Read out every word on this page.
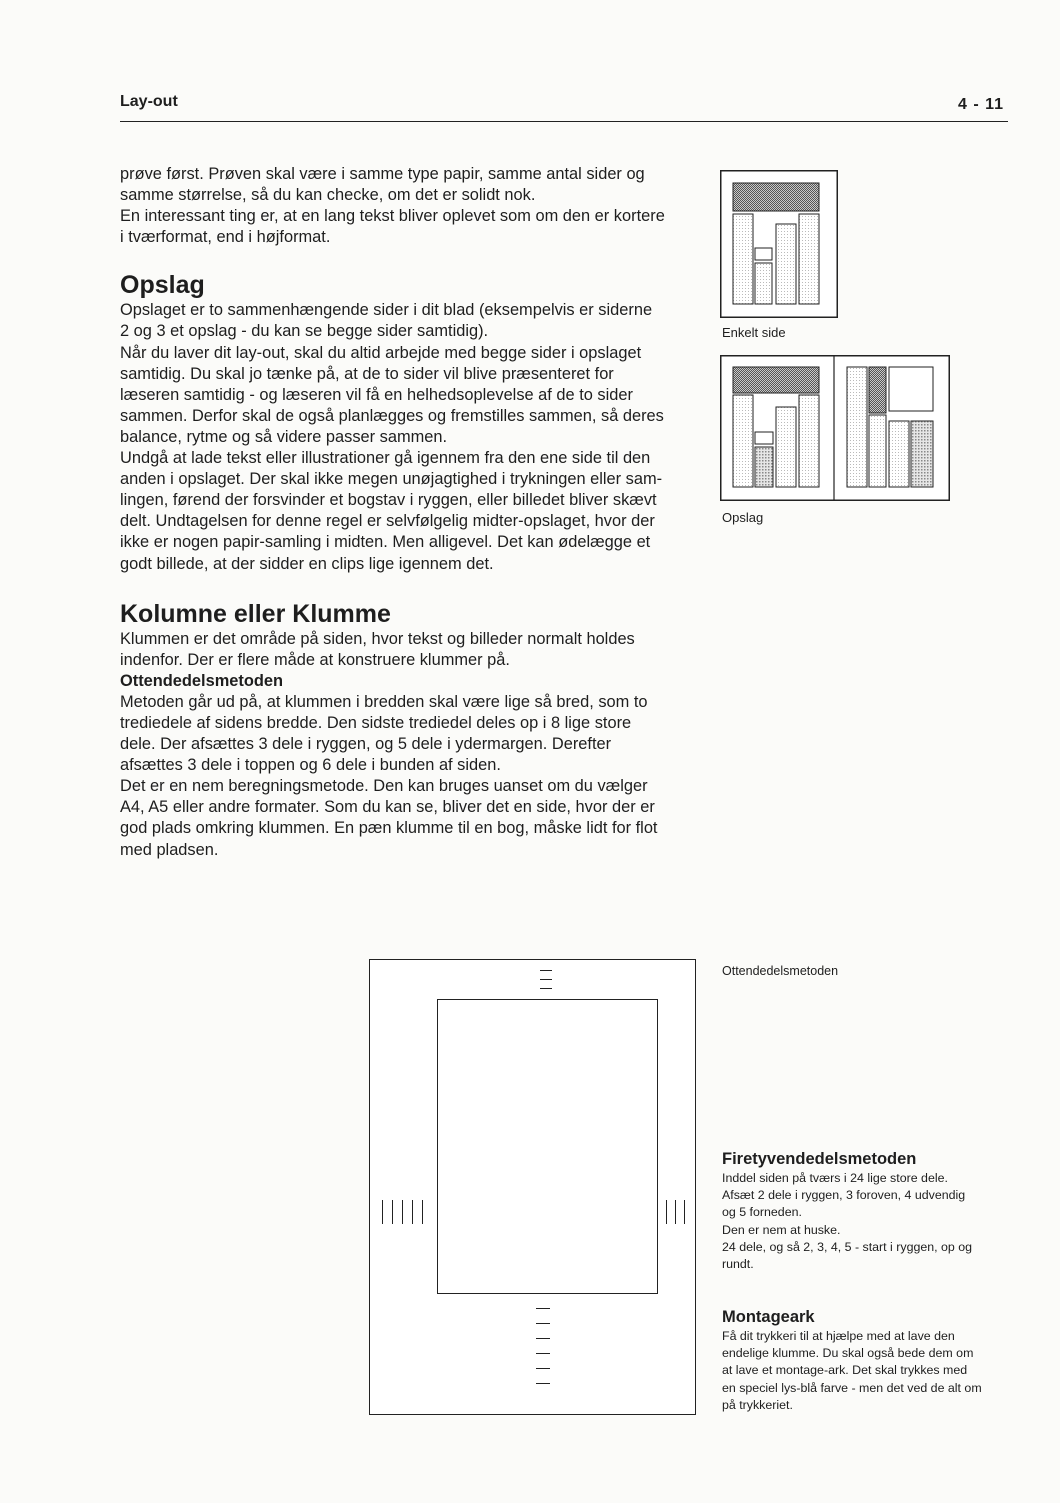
Lay-out	4 - 11

prøve først. Prøven skal være i samme type papir, samme antal sider og

samme størrelse, så du kan checke, om det er solidt nok.

En interessant ting er, at en lang tekst bliver oplevet som om den er kortere

i tværformat, end i højformat.

Opslag

Opslaget er to sammenhængende sider i dit blad (eksempelvis er siderne

2 og 3 et opslag - du kan se begge sider samtidig).

Når du laver dit lay-out, skal du altid arbejde med begge sider i opslaget

samtidig. Du skal jo tænke på, at de to sider vil blive præsenteret for

læseren samtidig - og læseren vil få en helhedsoplevelse af de to sider

sammen. Derfor skal de også planlægges og fremstilles sammen, så deres

balance, rytme og så videre passer sammen.

Undgå at lade tekst eller illustrationer gå igennem fra den ene side til den

anden i opslaget. Der skal ikke megen unøjagtighed i trykningen eller sam-

lingen, førend der forsvinder et bogstav i ryggen, eller billedet bliver skævt

delt. Undtagelsen for denne regel er selvfølgelig midter-opslaget, hvor der

ikke er nogen papir-samling i midten. Men alligevel. Det kan ødelægge et

godt billede, at der sidder en clips lige igennem det.

Kolumne eller Klumme

Klummen er det område på siden, hvor tekst og billeder normalt holdes

indenfor. Der er flere måde at konstruere klummer på.

Ottendedelsmetoden

Metoden går ud på, at klummen i bredden skal være lige så bred, som to

trediedele af sidens bredde. Den sidste trediedel deles op i 8 lige store

dele. Der afsættes 3 dele i ryggen, og 5 dele i ydermargen. Derefter

afsættes 3 dele i toppen og 6 dele i bunden af siden.

Det er en nem beregningsmetode. Den kan bruges uanset om du vælger

A4, A5 eller andre formater. Som du kan se, bliver det en side, hvor der er

god plads omkring klummen. En pæn klumme til en bog, måske lidt for flot

med pladsen.

Enkelt side
Opslag
Ottendedelsmetoden

Firetyvendedelsmetoden

Inddel siden på tværs i 24 lige store dele.

Afsæt 2 dele i ryggen, 3 foroven, 4 udvendig

og 5 forneden.

Den er nem at huske.

24 dele, og så 2, 3, 4, 5 - start i ryggen, op og

rundt.

Montageark

Få dit trykkeri til at hjælpe med at lave den

endelige klumme. Du skal også bede dem om

at lave et montage-ark. Det skal trykkes med

en speciel lys-blå farve - men det ved de alt om

på trykkeriet.
